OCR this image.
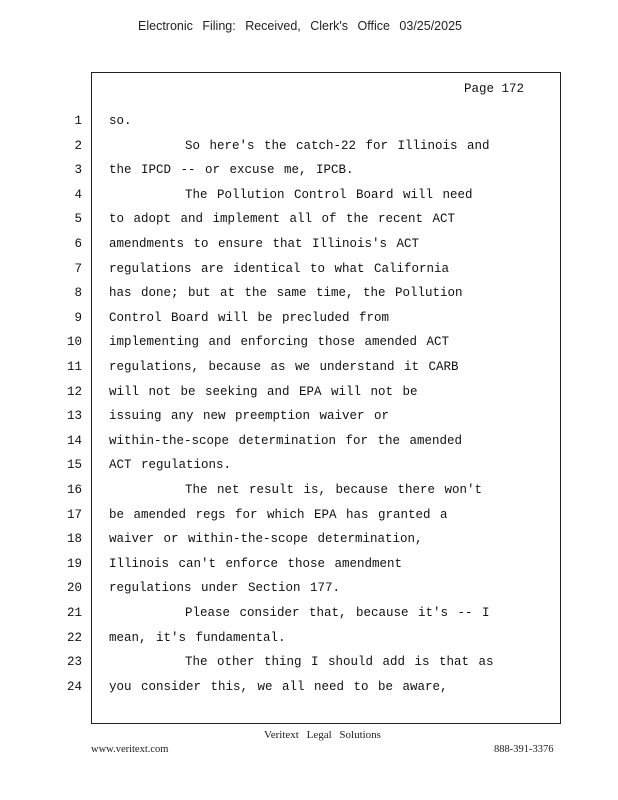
Electronic Filing: Received, Clerk's Office 03/25/2025
Page 172
1 so.
2 So here's the catch-22 for Illinois and
3 the IPCD -- or excuse me, IPCB.
4 The Pollution Control Board will need
5 to adopt and implement all of the recent ACT
6 amendments to ensure that Illinois's ACT
7 regulations are identical to what California
8 has done; but at the same time, the Pollution
9 Control Board will be precluded from
10 implementing and enforcing those amended ACT
11 regulations, because as we understand it CARB
12 will not be seeking and EPA will not be
13 issuing any new preemption waiver or
14 within-the-scope determination for the amended
15 ACT regulations.
16 The net result is, because there won't
17 be amended regs for which EPA has granted a
18 waiver or within-the-scope determination,
19 Illinois can't enforce those amendment
20 regulations under Section 177.
21 Please consider that, because it's -- I
22 mean, it's fundamental.
23 The other thing I should add is that as
24 you consider this, we all need to be aware,
Veritext Legal Solutions
www.veritext.com	888-391-3376
